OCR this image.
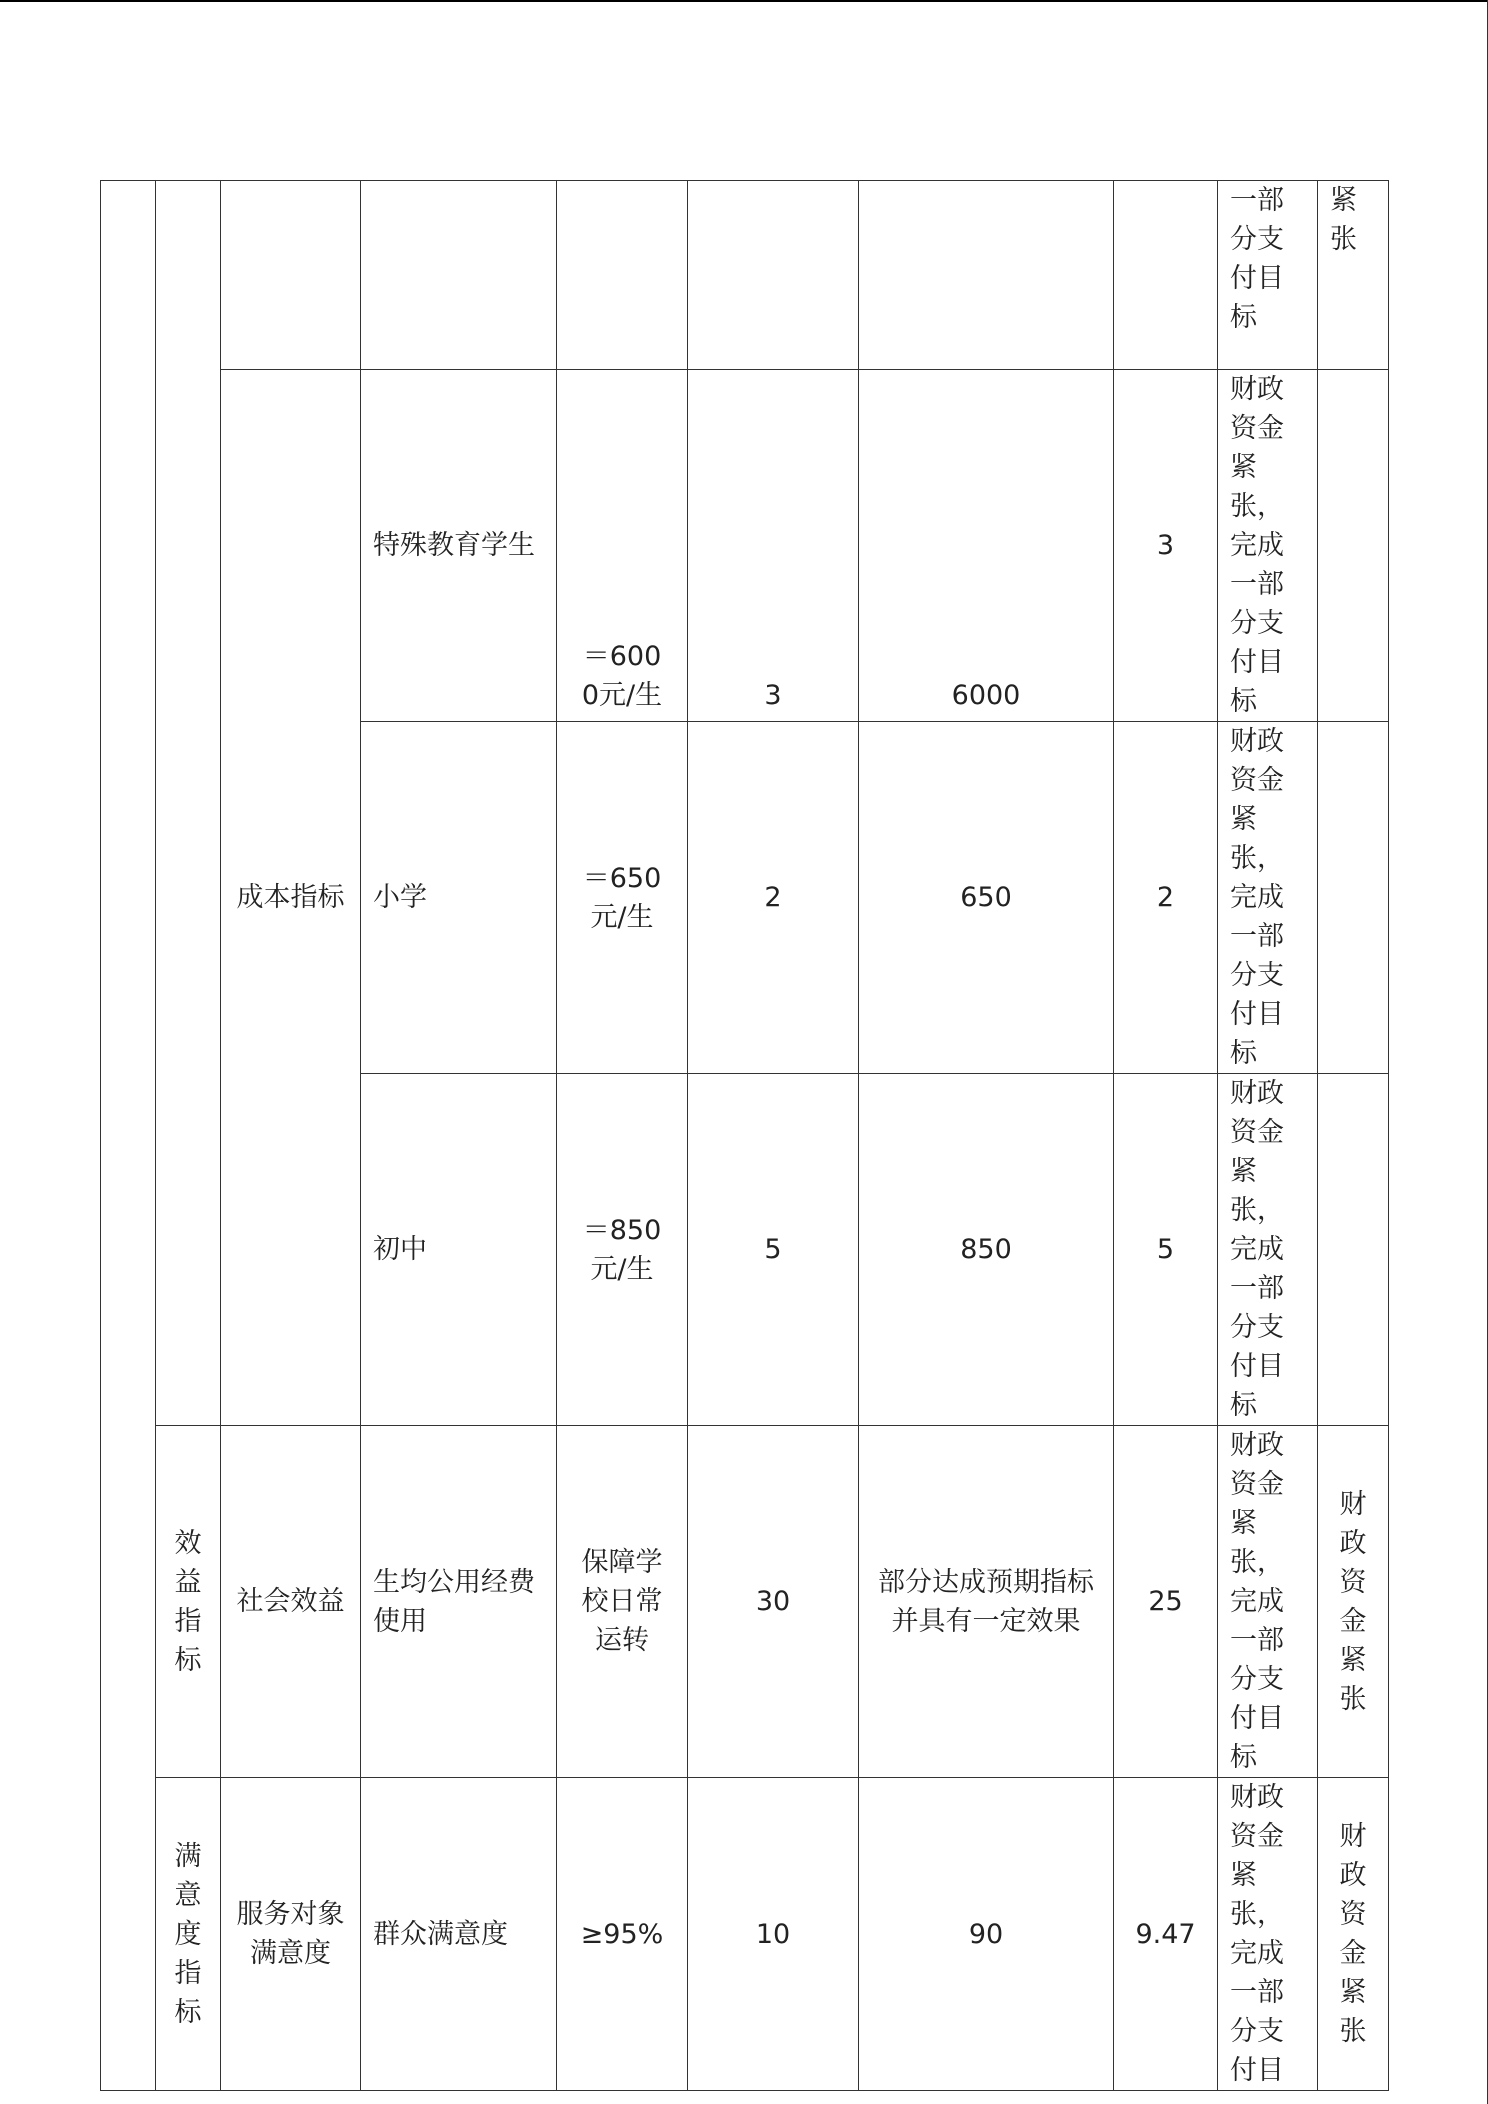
								一部分支付目标	紧张

		成本指标	特殊教育学生	＝6000元/生	3	6000	3	财政资金紧张，完成一部分支付目标	

			小学	＝650元/生	2	650	2	财政资金紧张，完成一部分支付目标	

			初中	＝850元/生	5	850	5	财政资金紧张，完成一部分支付目标	

	效益指标	社会效益	生均公用经费使用	保障学校日常运转	30	部分达成预期指标并具有一定效果	25	财政资金紧张，完成一部分支付目标	财政资金紧张

	满意度指标	服务对象满意度	群众满意度	≥95%	10	90	9.47	财政资金紧张，完成一部分支付目	财政资金紧张
